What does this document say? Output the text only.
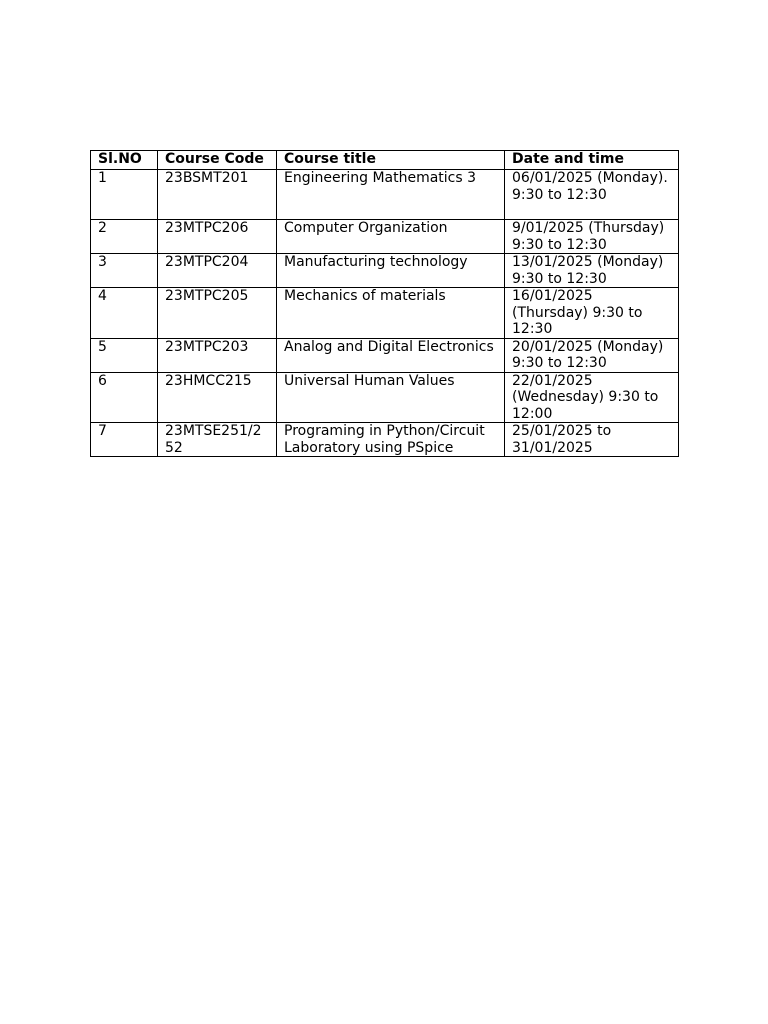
Sl.NO	Course Code	Course title	Date and time
1	23BSMT201	Engineering Mathematics 3	06/01/2025 (Monday).  9:30 to 12:30
2	23MTPC206	Computer Organization	9/01/2025 (Thursday) 9:30 to 12:30
3	23MTPC204	Manufacturing technology	13/01/2025 (Monday) 9:30 to 12:30
4	23MTPC205	Mechanics of materials	16/01/2025 (Thursday) 9:30 to 12:30
5	23MTPC203	Analog and Digital Electronics	20/01/2025 (Monday) 9:30 to 12:30
6	23HMCC215	Universal Human Values	22/01/2025 (Wednesday) 9:30 to 12:00
7	23MTSE251/252	Programing in Python/Circuit Laboratory using PSpice	25/01/2025 to 31/01/2025
